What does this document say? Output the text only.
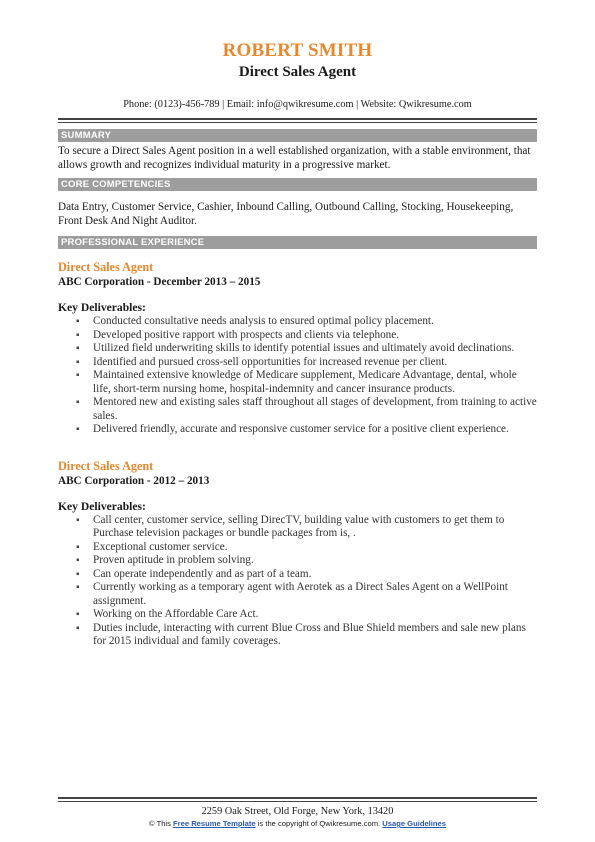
ROBERT SMITH
Direct Sales Agent
Phone: (0123)-456-789 | Email: info@qwikresume.com | Website: Qwikresume.com
SUMMARY
To secure a Direct Sales Agent position in a well established organization, with a stable environment, that allows growth and recognizes individual maturity in a progressive market.
CORE COMPETENCIES
Data Entry, Customer Service, Cashier, Inbound Calling, Outbound Calling, Stocking, Housekeeping, Front Desk And Night Auditor.
PROFESSIONAL EXPERIENCE
Direct Sales Agent
ABC Corporation - December 2013 – 2015
Key Deliverables:
▪ Conducted consultative needs analysis to ensured optimal policy placement.
▪ Developed positive rapport with prospects and clients via telephone.
▪ Utilized field underwriting skills to identify potential issues and ultimately avoid declinations.
▪ Identified and pursued cross-sell opportunities for increased revenue per client.
▪ Maintained extensive knowledge of Medicare supplement, Medicare Advantage, dental, whole life, short-term nursing home, hospital-indemnity and cancer insurance products.
▪ Mentored new and existing sales staff throughout all stages of development, from training to active sales.
▪ Delivered friendly, accurate and responsive customer service for a positive client experience.
Direct Sales Agent
ABC Corporation - 2012 – 2013
Key Deliverables:
▪ Call center, customer service, selling DirecTV, building value with customers to get them to Purchase television packages or bundle packages from is, .
▪ Exceptional customer service.
▪ Proven aptitude in problem solving.
▪ Can operate independently and as part of a team.
▪ Currently working as a temporary agent with Aerotek as a Direct Sales Agent on a WellPoint assignment.
▪ Working on the Affordable Care Act.
▪ Duties include, interacting with current Blue Cross and Blue Shield members and sale new plans for 2015 individual and family coverages.
2259 Oak Street, Old Forge, New York, 13420
© This Free Resume Template is the copyright of Qwikresume.com. Usage Guidelines
